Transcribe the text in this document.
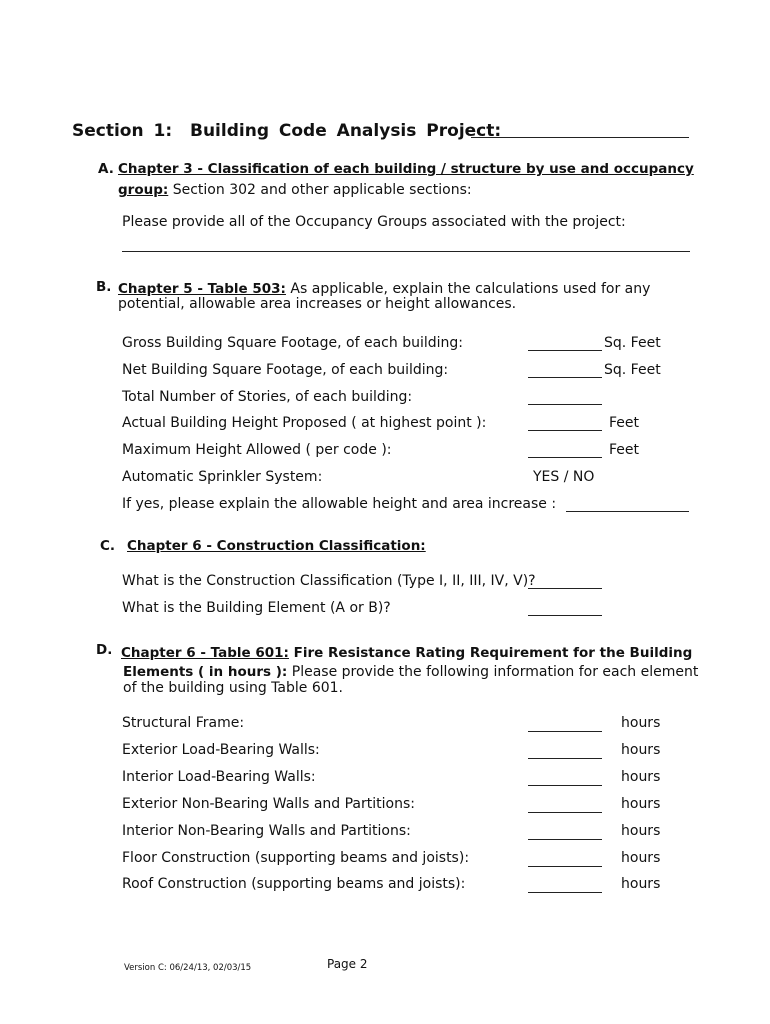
Section 1: Building Code Analysis Project:
A. Chapter 3 - Classification of each building / structure by use and occupancy
group: Section 302 and other applicable sections:
Please provide all of the Occupancy Groups associated with the project:
B. Chapter 5 - Table 503: As applicable, explain the calculations used for any
potential, allowable area increases or height allowances.
Gross Building Square Footage, of each building:	Sq. Feet
Net Building Square Footage, of each building:	Sq. Feet
Total Number of Stories, of each building:
Actual Building Height Proposed ( at highest point ):	Feet
Maximum Height Allowed ( per code ):	Feet
Automatic Sprinkler System:	YES / NO
If yes, please explain the allowable height and area increase :
C. Chapter 6 - Construction Classification:
What is the Construction Classification (Type I, II, III, IV, V)?
What is the Building Element (A or B)?
D. Chapter 6 - Table 601: Fire Resistance Rating Requirement for the Building
Elements ( in hours ): Please provide the following information for each element
of the building using Table 601.
Structural Frame:	hours
Exterior Load-Bearing Walls:	hours
Interior Load-Bearing Walls:	hours
Exterior Non-Bearing Walls and Partitions:	hours
Interior Non-Bearing Walls and Partitions:	hours
Floor Construction (supporting beams and joists):	hours
Roof Construction (supporting beams and joists):	hours
Version C: 06/24/13, 02/03/15	Page 2
